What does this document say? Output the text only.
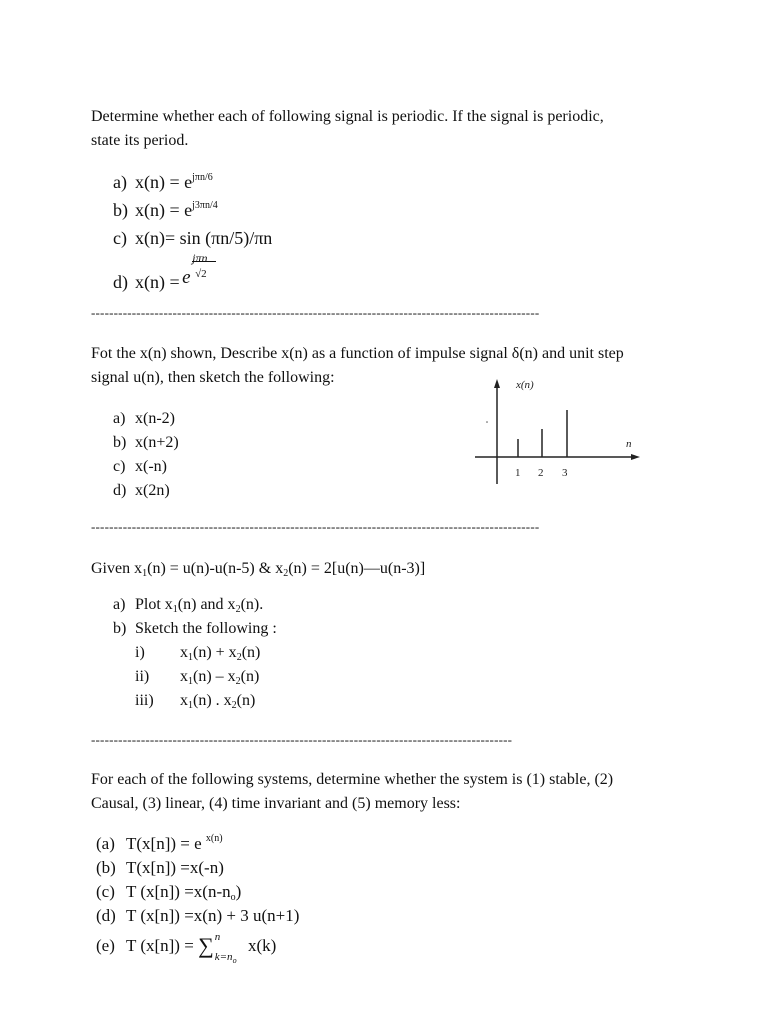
Determine whether each of following signal is periodic. If the signal is periodic,
state its period.
a) $x(n) = e^{j\pi n/6}$
b) $x(n) = e^{j3\pi n/4}$
c) x(n)= sin (πn/5)/πn
d) x(n) =
e
jπn
√2
---------------------------------------------------------------------------------------------------
Fot the x(n) shown, Describe x(n) as a function of impulse signal δ(n) and unit step
signal u(n), then sketch the following:
a) x(n-2)
b) x(n+2)
c) x(-n)
d) x(2n)
x(n)
n
1 2 3
---------------------------------------------------------------------------------------------------
Given $x_1(n) = u(n)-u(n-5)$ & $x_2(n)$ = 2[u(n)—u(n-3)]
a) Plot $x_1(n)$ and $x_2(n)$.
b) Sketch the following :
i) $x_1(n) + x_2(n)$
ii) $x_1(n) - x_2(n)$
iii) $x_1(n)$ . $x_2(n)$
---------------------------------------------------------------------------------------------
For each of the following systems, determine whether the system is (1) stable, (2)
Causal, (3) linear, (4) time invariant and (5) memory less:
(a) T(x[n]) = e $^{x(n)}$
(b) T(x[n]) =x(-n)
(c) T $(x[n]) =x(n-n_o)$
(d) T (x[n]) =x(n) + 3 u(n+1)
(e) T (x[n]) = ∑ n
$k=n_o$
x(k)
